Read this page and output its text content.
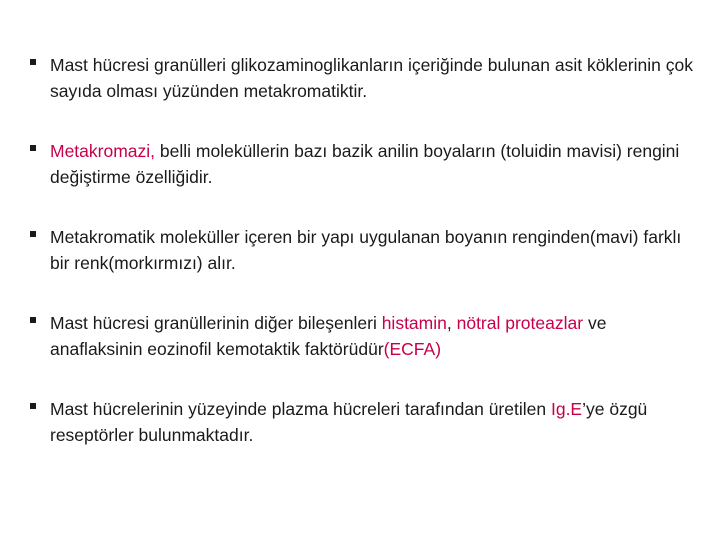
Mast hücresi granülleri glikozaminoglikanların içeriğinde bulunan asit köklerinin çok sayıda olması yüzünden metakromatiktir.
Metakromazi, belli moleküllerin bazı bazik anilin boyaların (toluidin mavisi) rengini değiştirme özelliğidir.
Metakromatik moleküller içeren bir yapı uygulanan boyanın renginden(mavi) farklı bir renk(morkırmızı) alır.
Mast hücresi granüllerinin diğer bileşenleri histamin, nötral proteazlar ve anaflaksinin eozinofil kemotaktik faktörüdür(ECFA)
Mast hücrelerinin yüzeyinde plazma hücreleri tarafından üretilen Ig.E’ye özgü reseptörler bulunmaktadır.
